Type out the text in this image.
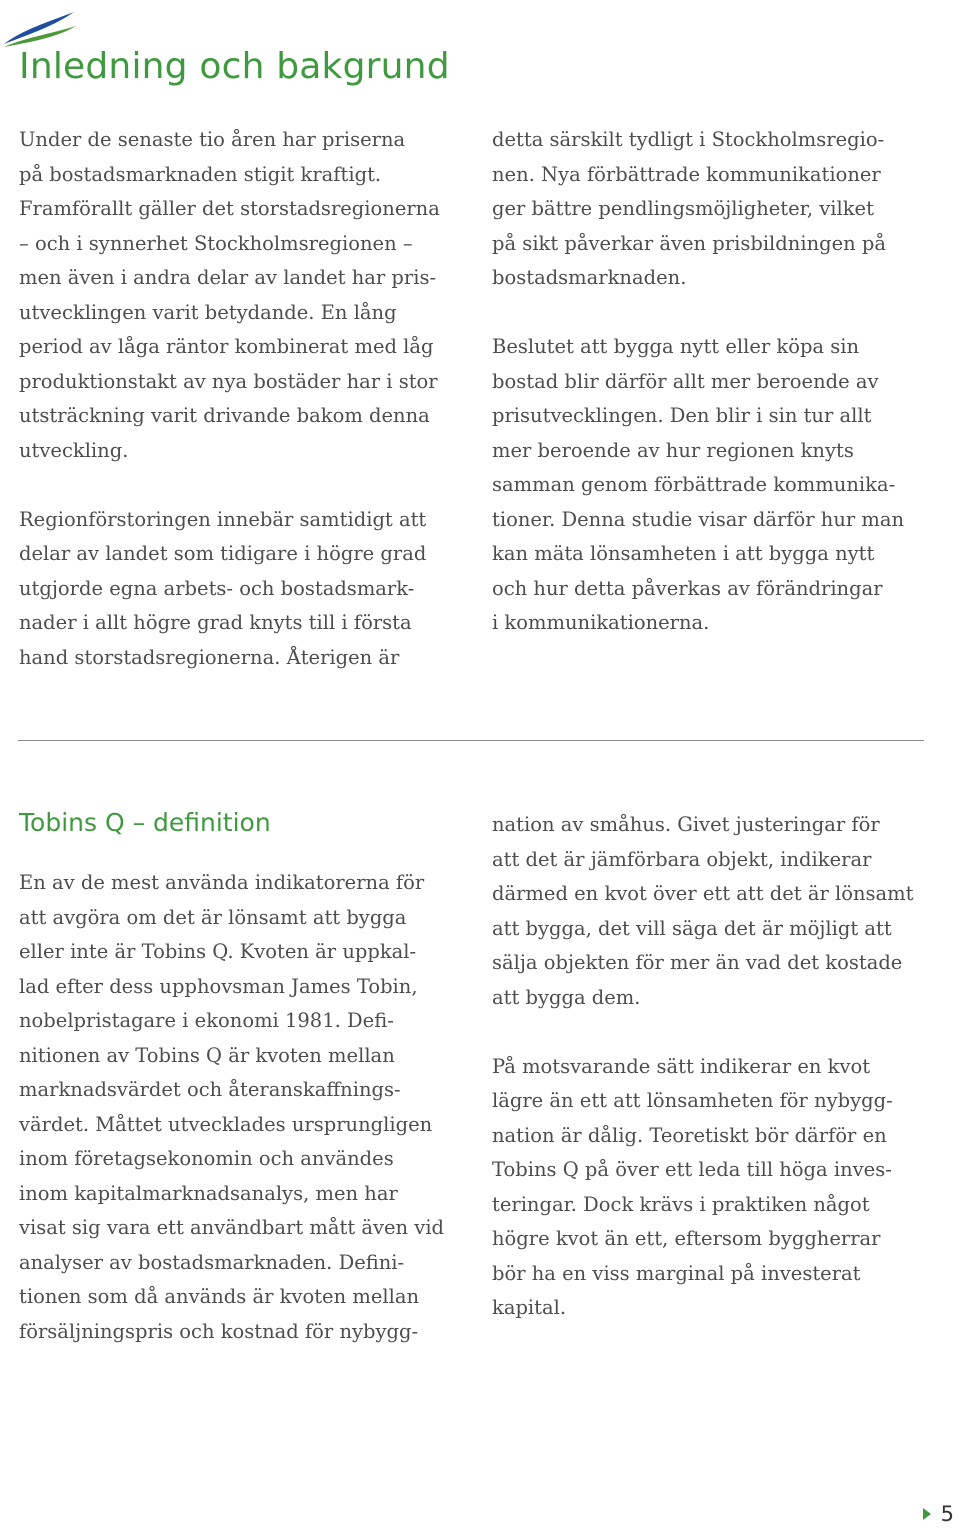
Inledning och bakgrund

Under de senaste tio åren har priserna
på bostadsmarknaden stigit kraftigt.
Framförallt gäller det storstadsregionerna
– och i synnerhet Stockholmsregionen –
men även i andra delar av landet har pris-
utvecklingen varit betydande. En lång
period av låga räntor kombinerat med låg
produktionstakt av nya bostäder har i stor
utsträckning varit drivande bakom denna
utveckling.

Regionförstoringen innebär samtidigt att
delar av landet som tidigare i högre grad
utgjorde egna arbets- och bostadsmark-
nader i allt högre grad knyts till i första
hand storstadsregionerna. Återigen är

detta särskilt tydligt i Stockholmsregio-
nen. Nya förbättrade kommunikationer
ger bättre pendlingsmöjligheter, vilket
på sikt påverkar även prisbildningen på
bostadsmarknaden.

Beslutet att bygga nytt eller köpa sin
bostad blir därför allt mer beroende av
prisutvecklingen. Den blir i sin tur allt
mer beroende av hur regionen knyts
samman genom förbättrade kommunika-
tioner. Denna studie visar därför hur man
kan mäta lönsamheten i att bygga nytt
och hur detta påverkas av förändringar
i kommunikationerna.

Tobins Q – definition

En av de mest använda indikatorerna för
att avgöra om det är lönsamt att bygga
eller inte är Tobins Q. Kvoten är uppkal-
lad efter dess upphovsman James Tobin,
nobelpristagare i ekonomi 1981. Defi-
nitionen av Tobins Q är kvoten mellan
marknadsvärdet och återanskaffnings-
värdet. Måttet utvecklades ursprungligen
inom företagsekonomin och användes
inom kapitalmarknadsanalys, men har
visat sig vara ett användbart mått även vid
analyser av bostadsmarknaden. Defini-
tionen som då används är kvoten mellan
försäljningspris och kostnad för nybygg-

nation av småhus. Givet justeringar för
att det är jämförbara objekt, indikerar
därmed en kvot över ett att det är lönsamt
att bygga, det vill säga det är möjligt att
sälja objekten för mer än vad det kostade
att bygga dem.

På motsvarande sätt indikerar en kvot
lägre än ett att lönsamheten för nybygg-
nation är dålig. Teoretiskt bör därför en
Tobins Q på över ett leda till höga inves-
teringar. Dock krävs i praktiken något
högre kvot än ett, eftersom byggherrar
bör ha en viss marginal på investerat
kapital.

5
